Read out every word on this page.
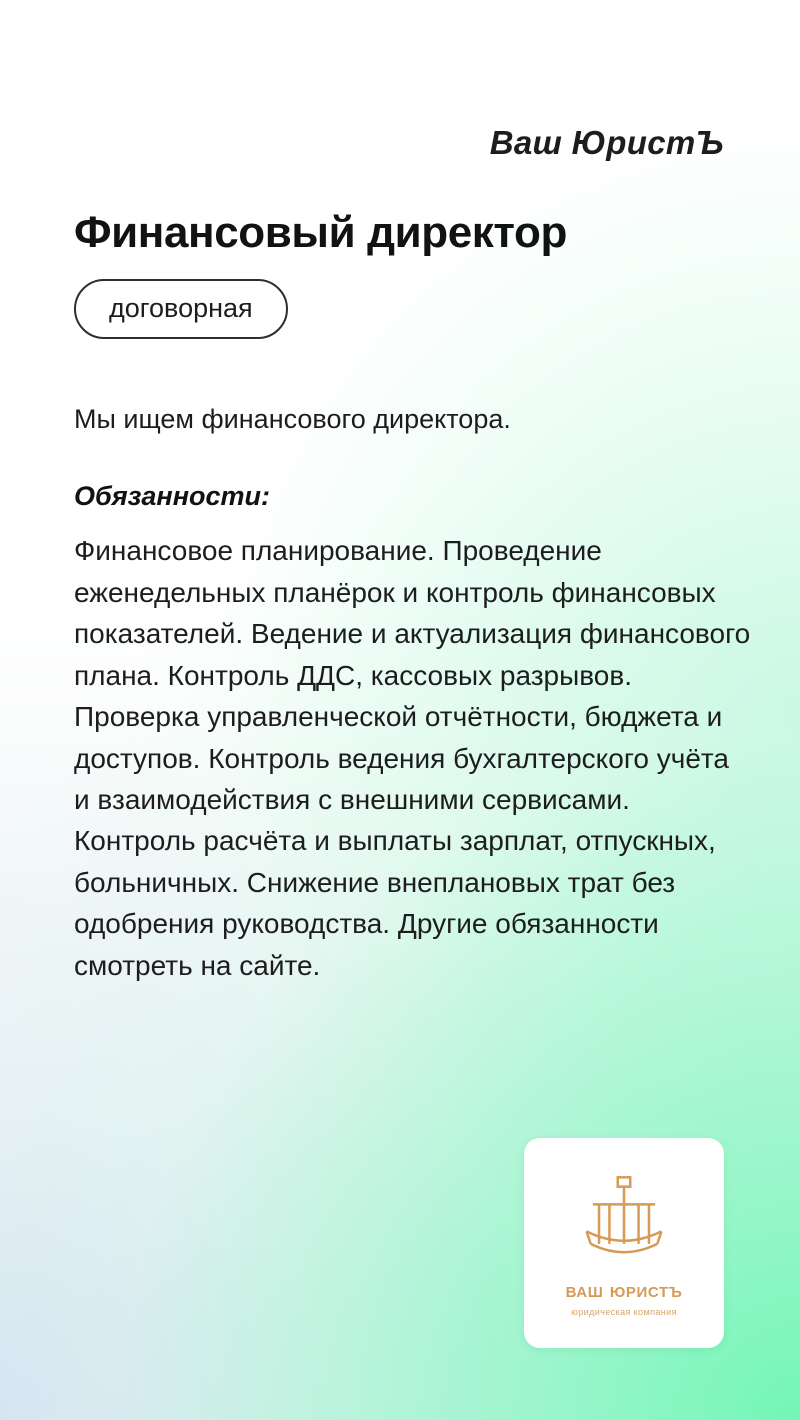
Ваш ЮристЪ
Финансовый директор
договорная

Мы ищем финансового директора.

Обязанности:

Финансовое планирование. Проведение еженедельных планёрок и контроль финансовых показателей. Ведение и актуализация финансового плана. Контроль ДДС, кассовых разрывов. Проверка управленческой отчётности, бюджета и доступов. Контроль ведения бухгалтерского учёта и взаимодействия с внешними сервисами. Контроль расчёта и выплаты зарплат, отпускных, больничных. Снижение внеплановых трат без одобрения руководства. Другие обязанности смотреть на сайте.

ваш юристъ
юридическая компания
